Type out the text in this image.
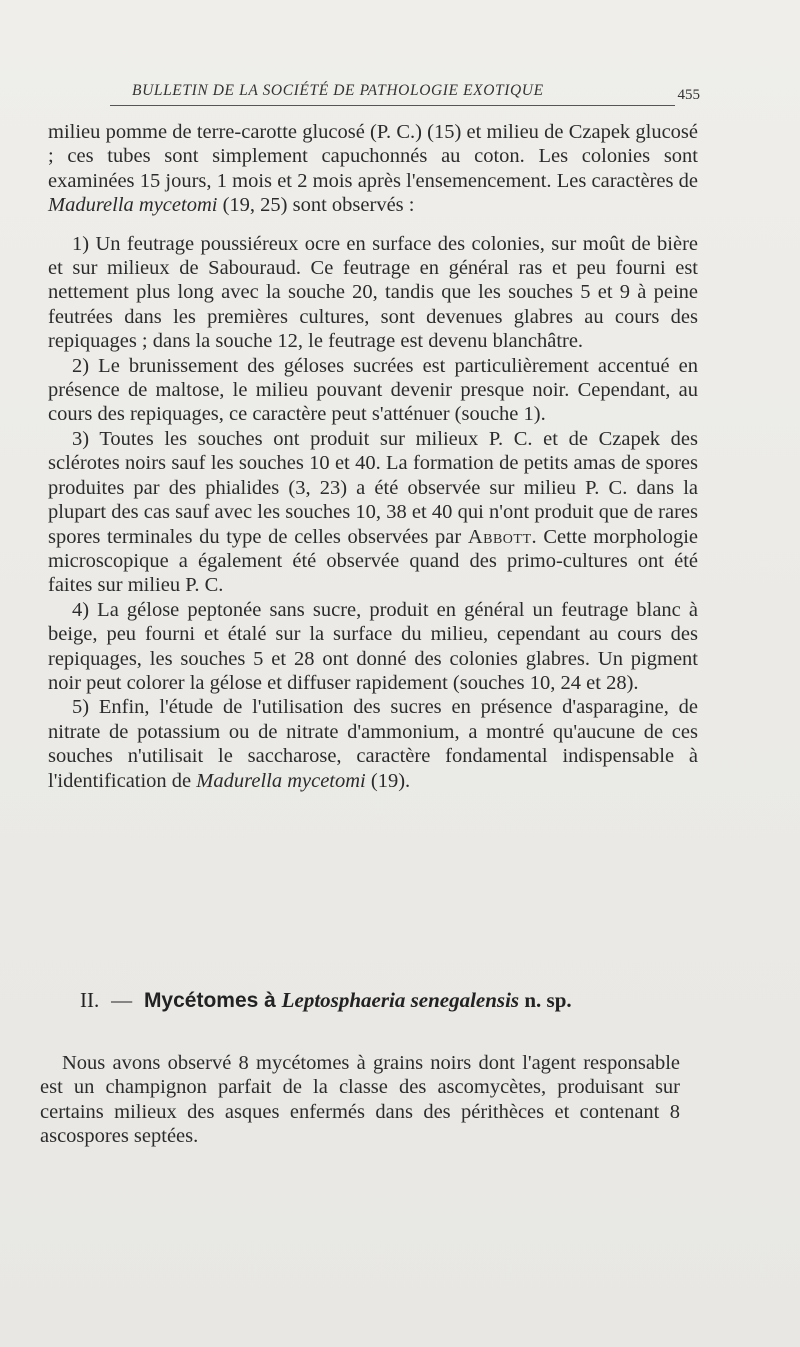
BULLETIN DE LA SOCIÉTÉ DE PATHOLOGIE EXOTIQUE	455

milieu pomme de terre-carotte glucosé (P. C.) (15) et milieu de Czapek glucosé ; ces tubes sont simplement capuchonnés au coton. Les colonies sont examinées 15 jours, 1 mois et 2 mois après l'ensemencement. Les caractères de Madurella mycetomi (19, 25) sont observés :

1) Un feutrage poussiéreux ocre en surface des colonies, sur moût de bière et sur milieux de Sabouraud. Ce feutrage en général ras et peu fourni est nettement plus long avec la souche 20, tandis que les souches 5 et 9 à peine feutrées dans les premières cultures, sont devenues glabres au cours des repiquages ; dans la souche 12, le feutrage est devenu blanchâtre.

2) Le brunissement des géloses sucrées est particulièrement accentué en présence de maltose, le milieu pouvant devenir presque noir. Cependant, au cours des repiquages, ce caractère peut s'atténuer (souche 1).

3) Toutes les souches ont produit sur milieux P. C. et de Czapek des sclérotes noirs sauf les souches 10 et 40. La formation de petits amas de spores produites par des phialides (3, 23) a été observée sur milieu P. C. dans la plupart des cas sauf avec les souches 10, 38 et 40 qui n'ont produit que de rares spores terminales du type de celles observées par Abbott. Cette morphologie microscopique a également été observée quand des primo-cultures ont été faites sur milieu P. C.

4) La gélose peptonée sans sucre, produit en général un feutrage blanc à beige, peu fourni et étalé sur la surface du milieu, cependant au cours des repiquages, les souches 5 et 28 ont donné des colonies glabres. Un pigment noir peut colorer la gélose et diffuser rapidement (souches 10, 24 et 28).

5) Enfin, l'étude de l'utilisation des sucres en présence d'asparagine, de nitrate de potassium ou de nitrate d'ammonium, a montré qu'aucune de ces souches n'utilisait le saccharose, caractère fondamental indispensable à l'identification de Madurella mycetomi (19).

II. — Mycétomes à Leptosphaeria senegalensis n. sp.

Nous avons observé 8 mycétomes à grains noirs dont l'agent responsable est un champignon parfait de la classe des ascomycètes, produisant sur certains milieux des asques enfermés dans des périthèces et contenant 8 ascospores septées.
